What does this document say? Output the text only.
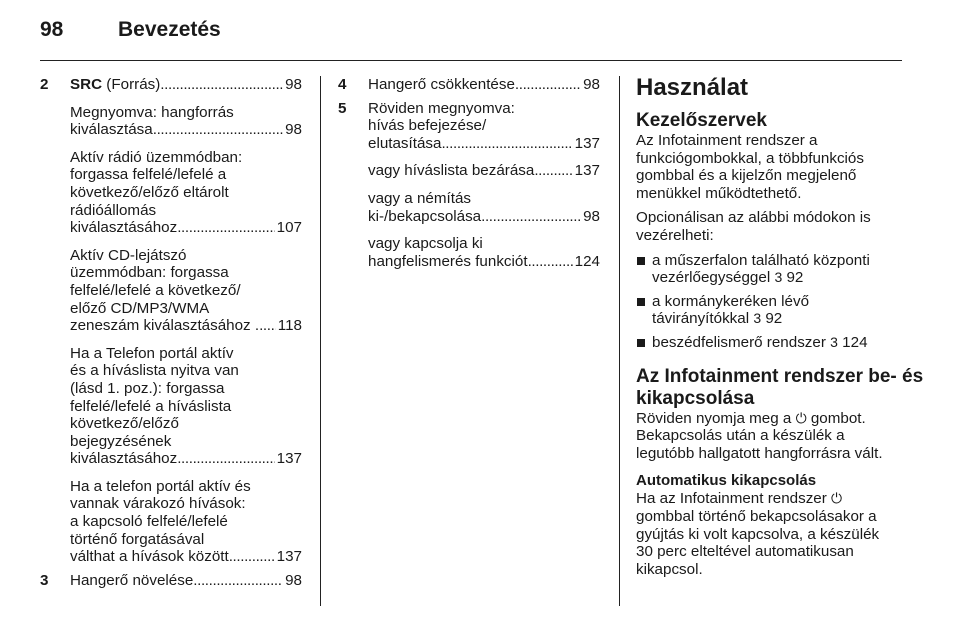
98	Bevezetés
2 SRC (Forrás) . . .	98
Megnyomva: hangforrás
kiválasztása . . .	98
Aktív rádió üzemmódban:
forgassa felfelé/lefelé a
következő/előző eltárolt
rádióállomás
kiválasztásához . . .	107
Aktív CD-lejátszó
üzemmódban: forgassa
felfelé/lefelé a következő/
előző CD/MP3/WMA
zeneszám kiválasztásához . . . . 118
Ha a Telefon portál aktív
és a híváslista nyitva van
(lásd 1. poz.): forgassa
felfelé/lefelé a híváslista
következő/előző
bejegyzésének
kiválasztásához . . .	137
Ha a telefon portál aktív és
vannak várakozó hívások:
a kapcsoló felfelé/lefelé
történő forgatásával
válthat a hívások között . . .	137
3 Hangerő növelése . . .	98
4 Hangerő csökkentése . . .	98
5 Röviden megnyomva:
hívás befejezése/
elutasítása . . .	137
vagy híváslista bezárása . . .	137
vagy a némítás
ki-/bekapcsolása . . .	98
vagy kapcsolja ki
hangfelismerés funkciót . . .	124
Használat
Kezelőszervek
Az Infotainment rendszer a
funkciógombokkal, a többfunkciós
gombbal és a kijelzőn megjelenő
menükkel működtethető.
Opcionálisan az alábbi módokon is
vezérelheti:
a műszerfalon található központi
vezérlőegységgel 3 92
a kormánykeréken lévő
távirányítókkal 3 92
beszédfelismerő rendszer 3 124
Az Infotainment rendszer be- és
kikapcsolása
Röviden nyomja meg a ⏻ gombot.
Bekapcsolás után a készülék a
legutóbb hallgatott hangforrásra vált.
Automatikus kikapcsolás
Ha az Infotainment rendszer ⏻
gombbal történő bekapcsolásakor a
gyújtás ki volt kapcsolva, a készülék
30 perc elteltével automatikusan
kikapcsol.
